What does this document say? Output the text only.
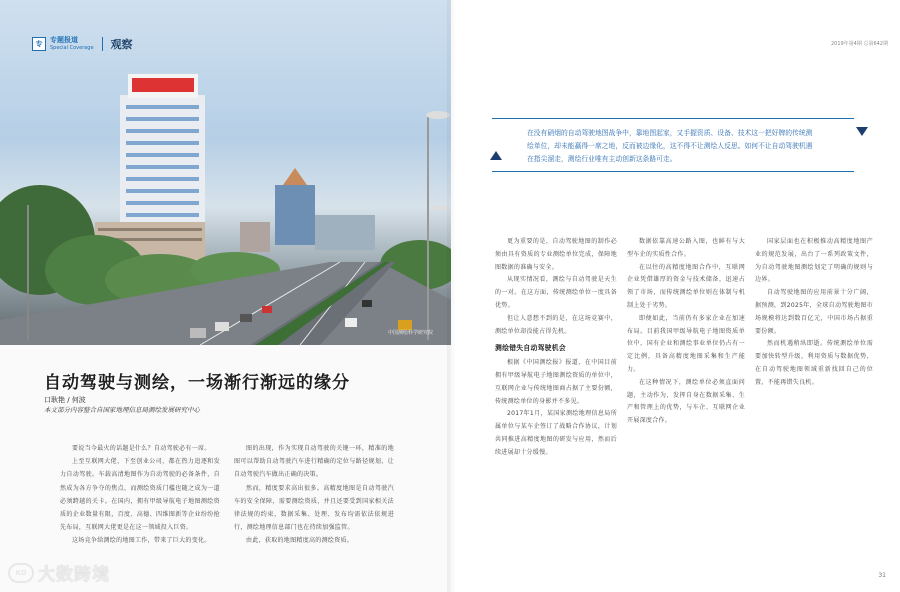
中国测绘科学研究院
专	专题报道
Special Coverage 观察
自动驾驶与测绘，一场渐行渐远的缘分
口耿艳 / 何波
本文部分内容整合自国家地理信息局测绘发展研究中心

要说当今最火的话题是什么？自动驾驶必有一席。

上至互联网大佬，下至创业公司，都在热力追逐和发力自动驾驶。车载高清地图作为自动驾驶的必备条件，自然成为各方争夺的焦点，而测绘资质门槛也随之成为一道必须跨越的关卡。在国内，拥有甲级导航电子地图测绘资质的企业数量有限，百度、高德、四维图新等企业纷纷抢先布局，互联网大佬更是在这一领域投入巨资。

这场竞争给测绘的地图工作，带来了巨大的变化。

图的出现，作为实现自动驾驶的关键一环，精准的地图可以帮助自动驾驶汽车进行精确的定位与路径规划，让自动驾驶汽车做出正确的决策。

然而，精度要求高出很多。高精度地图是自动驾驶汽车的安全保障，需要测绘资质，并且还要受到国家相关法律法规的约束，数据采集、处理、发布均需依法依规进行，测绘地理信息部门也在持续加强监管。

由此，获取的地图精度高的测绘资质。

KO 大数跨境
2019年第4期 总第642期
在没有硝烟的自动驾驶地图战争中，靠地图起家，又手握资质、设备、技术这一把好牌的传统测绘单位，却未能赢得一席之地，反而被边缘化，这不得不让测绘人反思。如何不让自动驾驶机遇在指尖溜走，测绘行业唯有主动创新这条路可走。

更为重要的是，自动驾驶地图的制作必须由具有资质的专业测绘单位完成，保障地图数据的准确与安全。

从现实情况看，测绘与自动驾驶是天生的一对。在这方面，传统测绘单位一度具备优势。

但让人意想不到的是，在这场竞赛中，测绘单位却没能占得先机。

测绘错失自动驾驶机会

根据《中国测绘报》报道，在中国目前拥有甲级导航电子地图测绘资质的单位中，互联网企业与传统地图商占据了主要份额，传统测绘单位的身影并不多见。

2017年1月，某国家测绘地理信息局所属单位与某车企签订了战略合作协议，计划共同推进高精度地图的研发与应用，然而后续进展却十分缓慢。

数据依靠高速公路入图，也鲜有与大型车企的实质性合作。

在以往的高精度地图合作中，互联网企业凭借雄厚的资金与技术储备，迅速占领了市场，而传统测绘单位则在体制与机制上处于劣势。

即便如此，当前仍有多家企业在加速布局。目前我国甲级导航电子地图资质单位中，国有企业和测绘事业单位仍占有一定比例，具备高精度地图采集和生产能力。

在这种情况下，测绘单位必须直面问题，主动作为，发挥自身在数据采集、生产和管理上的优势，与车企、互联网企业开展深度合作。

国家层面也在积极推动高精度地图产业的规范发展，出台了一系列政策文件，为自动驾驶地图测绘划定了明确的规则与边界。

自动驾驶地图的应用前景十分广阔，据预测，到2025年，全球自动驾驶地图市场规模将达到数百亿元，中国市场占据重要份额。

然而机遇稍纵即逝。传统测绘单位需要加快转型升级，利用资质与数据优势，在自动驾驶地图领域重新找回自己的位置，不能再错失良机。

31
